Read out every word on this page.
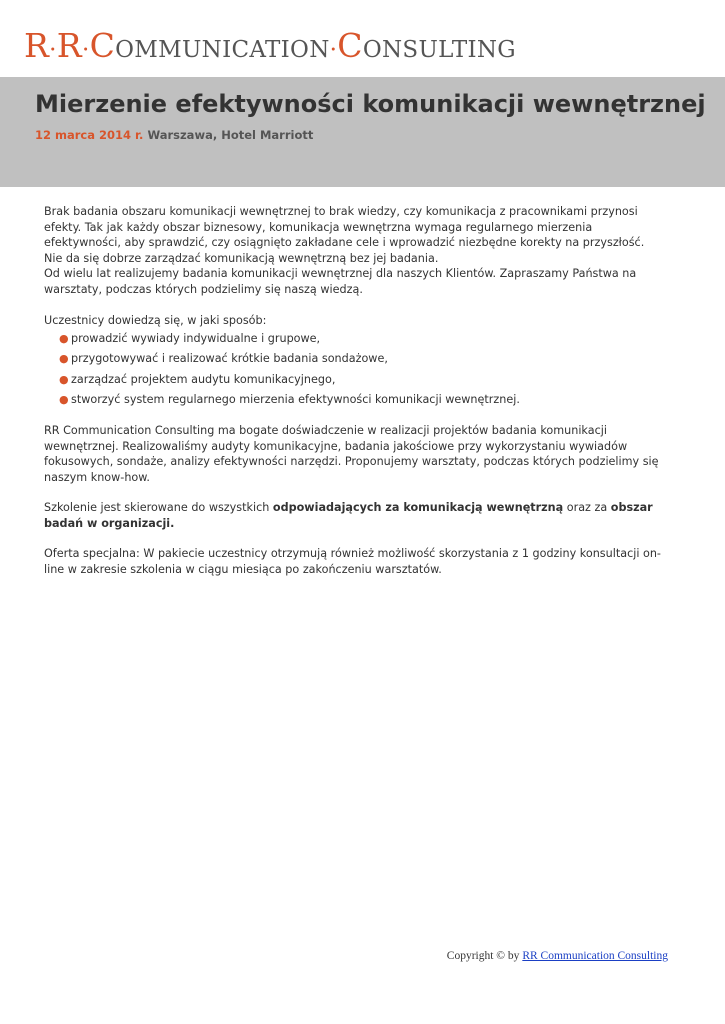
R·R·COMMUNICATION·CONSULTING
Mierzenie efektywności komunikacji wewnętrznej

12 marca 2014 r. Warszawa, Hotel Marriott

Brak badania obszaru komunikacji wewnętrznej to brak wiedzy, czy komunikacja z pracownikami przynosi efekty. Tak jak każdy obszar biznesowy, komunikacja wewnętrzna wymaga regularnego mierzenia efektywności, aby sprawdzić, czy osiągnięto zakładane cele i wprowadzić niezbędne korekty na przyszłość. Nie da się dobrze zarządzać komunikacją wewnętrzną bez jej badania.

Od wielu lat realizujemy badania komunikacji wewnętrznej dla naszych Klientów. Zapraszamy Państwa na warsztaty, podczas których podzielimy się naszą wiedzą.

Uczestnicy dowiedzą się, w jaki sposób:

● prowadzić wywiady indywidualne i grupowe,
● przygotowywać i realizować krótkie badania sondażowe,
● zarządzać projektem audytu komunikacyjnego,
● stworzyć system regularnego mierzenia efektywności komunikacji wewnętrznej.

RR Communication Consulting ma bogate doświadczenie w realizacji projektów badania komunikacji wewnętrznej. Realizowaliśmy audyty komunikacyjne, badania jakościowe przy wykorzystaniu wywiadów fokusowych, sondaże, analizy efektywności narzędzi. Proponujemy warsztaty, podczas których podzielimy się naszym know-how.

Szkolenie jest skierowane do wszystkich odpowiadających za komunikacją wewnętrzną oraz za obszar badań w organizacji.

Oferta specjalna: W pakiecie uczestnicy otrzymują również możliwość skorzystania z 1 godziny konsultacji on-line w zakresie szkolenia w ciągu miesiąca po zakończeniu warsztatów.

Copyright © by RR Communication Consulting
